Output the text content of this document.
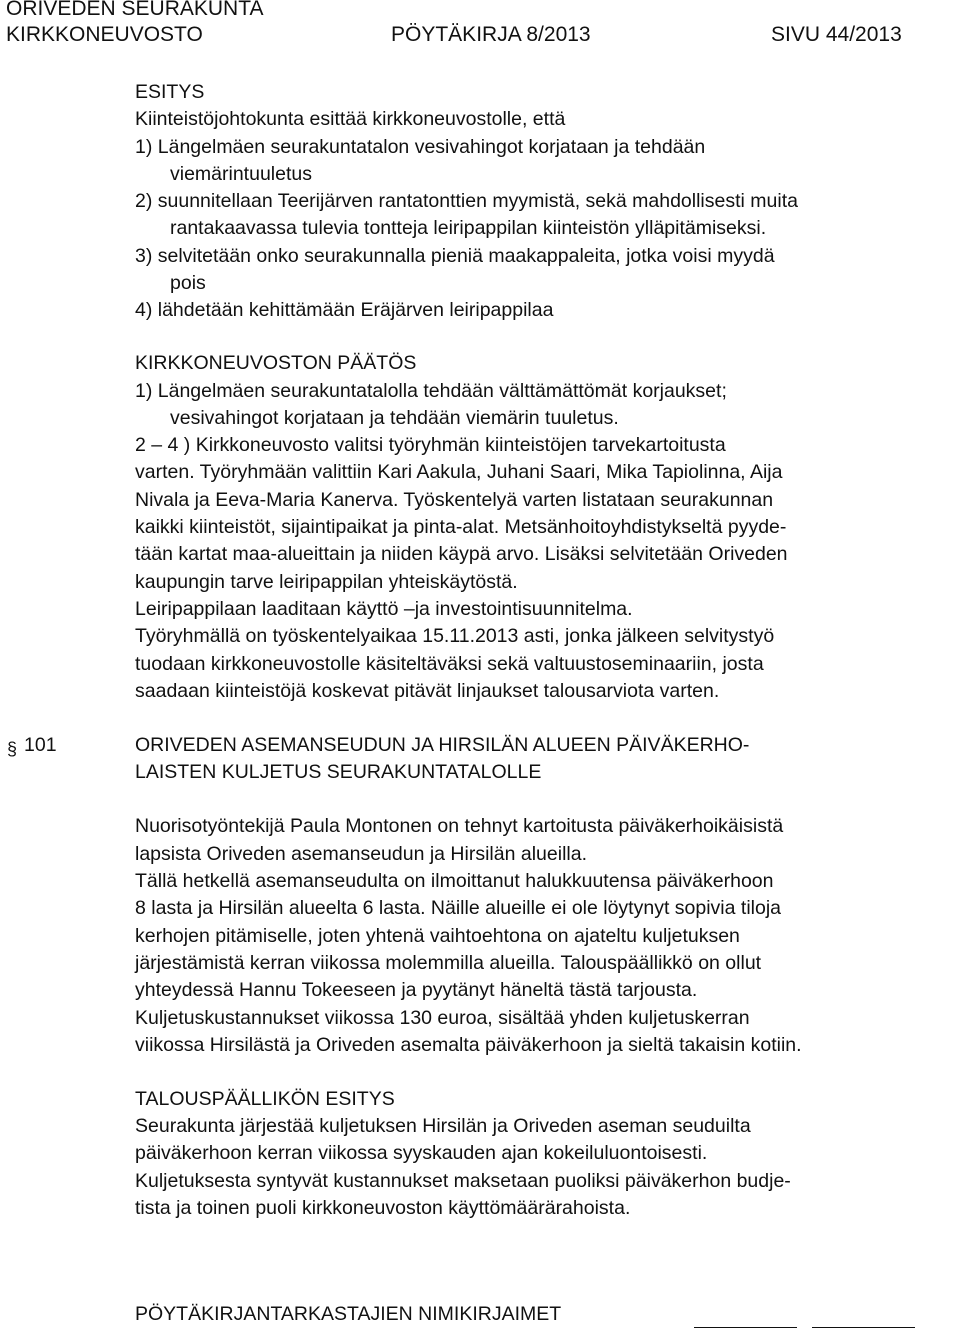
ORIVEDEN SEURAKUNTA
KIRKKONEUVOSTO	PÖYTÄKIRJA 8/2013	SIVU 44/2013
ESITYS
Kiinteistöjohtokunta esittää kirkkoneuvostolle, että
1) Längelmäen seurakuntatalon vesivahingot korjataan ja tehdään
viemärintuuletus
2) suunnitellaan Teerijärven rantatonttien myymistä, sekä mahdollisesti muita
rantakaavassa tulevia tontteja leiripappilan kiinteistön ylläpitämiseksi.
3) selvitetään onko seurakunnalla pieniä maakappaleita, jotka voisi myydä
pois
4) lähdetään kehittämään Eräjärven leiripappilaa
KIRKKONEUVOSTON PÄÄTÖS
1) Längelmäen seurakuntatalolla tehdään välttämättömät korjaukset;
vesivahingot korjataan ja tehdään viemärin tuuletus.
2 – 4 ) Kirkkoneuvosto valitsi työryhmän kiinteistöjen tarvekartoitusta
varten. Työryhmään valittiin Kari Aakula, Juhani Saari, Mika Tapiolinna, Aija
Nivala ja Eeva-Maria Kanerva. Työskentelyä varten listataan seurakunnan
kaikki kiinteistöt, sijaintipaikat ja pinta-alat. Metsänhoitoyhdistykseltä pyyde-
tään kartat maa-alueittain ja niiden käypä arvo. Lisäksi selvitetään Oriveden
kaupungin tarve leiripappilan yhteiskäytöstä.
Leiripappilaan laaditaan käyttö –ja investointisuunnitelma.
Työryhmällä on työskentelyaikaa 15.11.2013 asti, jonka jälkeen selvitystyö
tuodaan kirkkoneuvostolle käsiteltäväksi sekä valtuustoseminaariin, josta
saadaan kiinteistöjä koskevat pitävät linjaukset talousarviota varten.
§ 101	ORIVEDEN ASEMANSEUDUN JA HIRSILÄN ALUEEN PÄIVÄKERHO-
LAISTEN KULJETUS SEURAKUNTATALOLLE
Nuorisotyöntekijä Paula Montonen on tehnyt kartoitusta päiväkerhoikäisistä
lapsista Oriveden asemanseudun ja Hirsilän alueilla.
Tällä hetkellä asemanseudulta on ilmoittanut halukkuutensa päiväkerhoon
8 lasta ja Hirsilän alueelta 6 lasta. Näille alueille ei ole löytynyt sopivia tiloja
kerhojen pitämiselle, joten yhtenä vaihtoehtona on ajateltu kuljetuksen
järjestämistä kerran viikossa molemmilla alueilla. Talouspäällikkö on ollut
yhteydessä Hannu Tokeeseen ja pyytänyt häneltä tästä tarjousta.
Kuljetuskustannukset viikossa 130 euroa, sisältää yhden kuljetuskerran
viikossa Hirsilästä ja Oriveden asemalta päiväkerhoon ja sieltä takaisin kotiin.
TALOUSPÄÄLLIKÖN ESITYS
Seurakunta järjestää kuljetuksen Hirsilän ja Oriveden aseman seuduilta
päiväkerhoon kerran viikossa syyskauden ajan kokeiluluontoisesti.
Kuljetuksesta syntyvät kustannukset maksetaan puoliksi päiväkerhon budje-
tista ja toinen puoli kirkkoneuvoston käyttömäärärahoista.
PÖYTÄKIRJANTARKASTAJIEN NIMIKIRJAIMET
